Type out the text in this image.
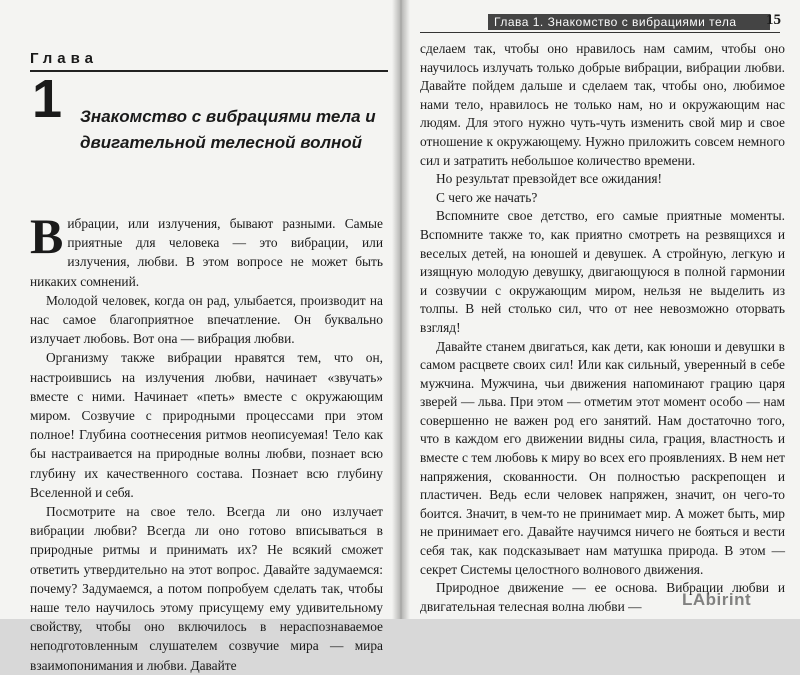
Глава
1 Знакомство с вибрациями тела и двигательной телесной волной

Вибрации, или излучения, бывают разными. Самые приятные для человека — это вибрации, или излучения, любви. В этом вопросе не может быть никаких сомнений.

Молодой человек, когда он рад, улыбается, производит на нас самое благоприятное впечатление. Он буквально излучает любовь. Вот она — вибрация любви.

Организму также вибрации нравятся тем, что он, настроившись на излучения любви, начинает «звучать» вместе с ними. Начинает «петь» вместе с окружающим миром. Созвучие с природными процессами при этом полное! Глубина соотнесения ритмов неописуемая! Тело как бы настраивается на природные волны любви, познает всю глубину их качественного состава. Познает всю глубину Вселенной и себя.

Посмотрите на свое тело. Всегда ли оно излучает вибрации любви? Всегда ли оно готово вписываться в природные ритмы и принимать их? Не всякий сможет ответить утвердительно на этот вопрос. Давайте задумаемся: почему? Задумаемся, а потом попробуем сделать так, чтобы наше тело научилось этому присущему ему удивительному свойству, чтобы оно включилось в нераспознаваемое неподготовленным слушателем созвучие мира — мира взаимопонимания и любви. Давайте

Глава 1. Знакомство с вибрациями тела	15

сделаем так, чтобы оно нравилось нам самим, чтобы оно научилось излучать только добрые вибрации, вибрации любви. Давайте пойдем дальше и сделаем так, чтобы оно, любимое нами тело, нравилось не только нам, но и окружающим нас людям. Для этого нужно чуть-чуть изменить свой мир и свое отношение к окружающему. Нужно приложить совсем немного сил и затратить небольшое количество времени.

Но результат превзойдет все ожидания!

С чего же начать?

Вспомните свое детство, его самые приятные моменты. Вспомните также то, как приятно смотреть на резвящихся и веселых детей, на юношей и девушек. А стройную, легкую и изящную молодую девушку, двигающуюся в полной гармонии и созвучии с окружающим миром, нельзя не выделить из толпы. В ней столько сил, что от нее невозможно оторвать взгляд!

Давайте станем двигаться, как дети, как юноши и девушки в самом расцвете своих сил! Или как сильный, уверенный в себе мужчина. Мужчина, чьи движения напоминают грацию царя зверей — льва. При этом — отметим этот момент особо — нам совершенно не важен род его занятий. Нам достаточно того, что в каждом его движении видны сила, грация, властность и вместе с тем любовь к миру во всех его проявлениях. В нем нет напряжения, скованности. Он полностью раскрепощен и пластичен. Ведь если человек напряжен, значит, он чего-то боится. Значит, в чем-то не принимает мир. А может быть, мир не принимает его. Давайте научимся ничего не бояться и вести себя так, как подсказывает нам матушка природа. В этом — секрет Системы целостного волнового движения.

Природное движение — ее основа. Вибрации любви и двигательная телесная волна любви —	LAbirint
